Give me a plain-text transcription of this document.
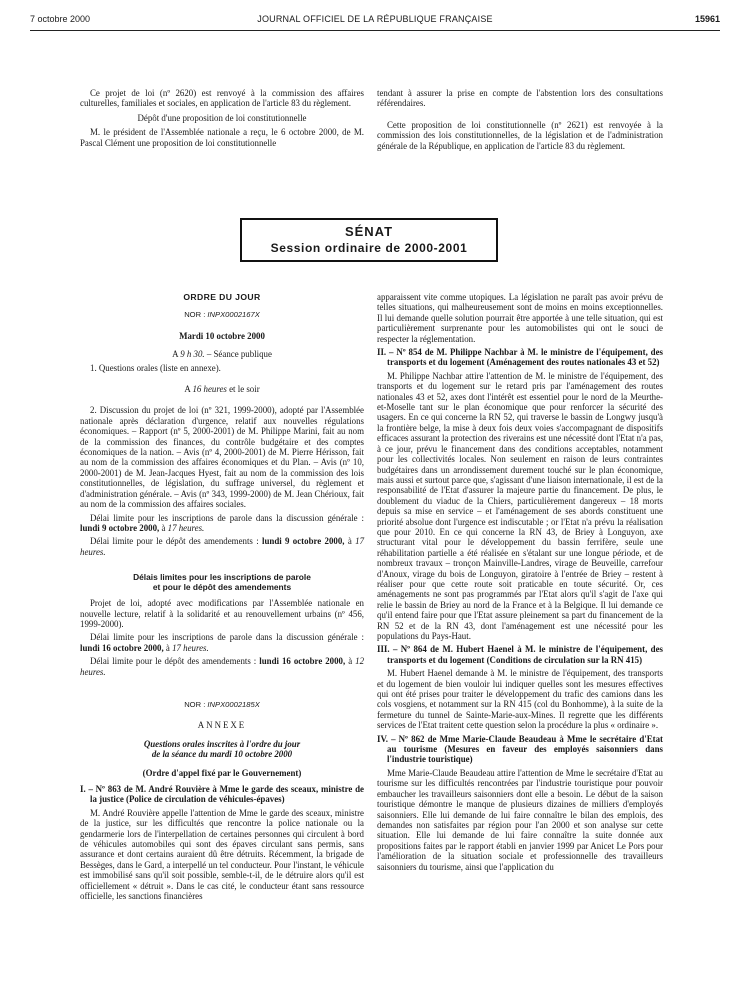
7 octobre 2000	JOURNAL OFFICIEL DE LA RÉPUBLIQUE FRANÇAISE	15961

Ce projet de loi (nº 2620) est renvoyé à la commission des affaires culturelles, familiales et sociales, en application de l'article 83 du règlement.

Dépôt d'une proposition de loi constitutionnelle

M. le président de l'Assemblée nationale a reçu, le 6 octobre 2000, de M. Pascal Clément une proposition de loi constitutionnelle

tendant à assurer la prise en compte de l'abstention lors des consultations référendaires.

Cette proposition de loi constitutionnelle (nº 2621) est renvoyée à la commission des lois constitutionnelles, de la législation et de l'administration générale de la République, en application de l'article 83 du règlement.

SÉNAT
Session ordinaire de 2000-2001

ORDRE DU JOUR

NOR : INPX0002167X

Mardi 10 octobre 2000

A 9 h 30. – Séance publique

1. Questions orales (liste en annexe).

A 16 heures et le soir

2. Discussion du projet de loi (nº 321, 1999-2000), adopté par l'Assemblée nationale après déclaration d'urgence, relatif aux nouvelles régulations économiques. – Rapport (nº 5, 2000-2001) de M. Philippe Marini, fait au nom de la commission des finances, du contrôle budgétaire et des comptes économiques de la nation. – Avis (nº 4, 2000-2001) de M. Pierre Hérisson, fait au nom de la commission des affaires économiques et du Plan. – Avis (nº 10, 2000-2001) de M. Jean-Jacques Hyest, fait au nom de la commission des lois constitutionnelles, de législation, du suffrage universel, du règlement et d'administration générale. – Avis (nº 343, 1999-2000) de M. Jean Chérioux, fait au nom de la commission des affaires sociales.

Délai limite pour les inscriptions de parole dans la discussion générale : lundi 9 octobre 2000, à 17 heures.

Délai limite pour le dépôt des amendements : lundi 9 octobre 2000, à 17 heures.

Délais limites pour les inscriptions de parole

et pour le dépôt des amendements

Projet de loi, adopté avec modifications par l'Assemblée nationale en nouvelle lecture, relatif à la solidarité et au renouvellement urbains (nº 456, 1999-2000).

Délai limite pour les inscriptions de parole dans la discussion générale : lundi 16 octobre 2000, à 17 heures.

Délai limite pour le dépôt des amendements : lundi 16 octobre 2000, à 12 heures.

NOR : INPX0002185X

ANNEXE

Questions orales inscrites à l'ordre du jour

de la séance du mardi 10 octobre 2000

(Ordre d'appel fixé par le Gouvernement)

I. – Nº 863 de M. André Rouvière à Mme le garde des sceaux, ministre de la justice (Police de circulation de véhicules-épaves)

M. André Rouvière appelle l'attention de Mme le garde des sceaux, ministre de la justice, sur les difficultés que rencontre la police nationale ou la gendarmerie lors de l'interpellation de certaines personnes qui circulent à bord de véhicules automobiles qui sont des épaves circulant sans permis, sans assurance et dont certains auraient dû être détruits. Récemment, la brigade de Bessèges, dans le Gard, a interpellé un tel conducteur. Pour l'instant, le véhicule est immobilisé sans qu'il soit possible, semble-t-il, de le détruire alors qu'il est officiellement « détruit ». Dans le cas cité, le conducteur étant sans ressource officielle, les sanctions financières

apparaissent vite comme utopiques. La législation ne paraît pas avoir prévu de telles situations, qui malheureusement sont de moins en moins exceptionnelles. Il lui demande quelle solution pourrait être apportée à une telle situation, qui est particulièrement surprenante pour les automobilistes qui ont le souci de respecter la réglementation.

II. – Nº 854 de M. Philippe Nachbar à M. le ministre de l'équipement, des transports et du logement (Aménagement des routes nationales 43 et 52)

M. Philippe Nachbar attire l'attention de M. le ministre de l'équipement, des transports et du logement sur le retard pris par l'aménagement des routes nationales 43 et 52, axes dont l'intérêt est essentiel pour le nord de la Meurthe-et-Moselle tant sur le plan économique que pour renforcer la sécurité des usagers. En ce qui concerne la RN 52, qui traverse le bassin de Longwy jusqu'à la frontière belge, la mise à deux fois deux voies s'accompagnant de dispositifs efficaces assurant la protection des riverains est une nécessité dont l'Etat n'a pas, à ce jour, prévu le financement dans des conditions acceptables, notamment pour les collectivités locales. Non seulement en raison de leurs contraintes budgétaires dans un arrondissement durement touché sur le plan économique, mais aussi et surtout parce que, s'agissant d'une liaison internationale, il est de la responsabilité de l'Etat d'assurer la majeure partie du financement. De plus, le doublement du viaduc de la Chiers, particulièrement dangereux – 18 morts depuis sa mise en service – et l'aménagement de ses abords constituent une priorité absolue dont l'urgence est indiscutable ; or l'Etat n'a prévu la réalisation que pour 2010. En ce qui concerne la RN 43, de Briey à Longuyon, axe structurant vital pour le développement du bassin ferrifère, seule une réhabilitation partielle a été réalisée en s'étalant sur une longue période, et de nombreux travaux – tronçon Mainville-Landres, virage de Beuveille, carrefour d'Anoux, virage du bois de Longuyon, giratoire à l'entrée de Briey – restent à réaliser pour que cette route soit praticable en toute sécurité. Or, ces aménagements ne sont pas programmés par l'Etat alors qu'il s'agit de l'axe qui relie le bassin de Briey au nord de la France et à la Belgique. Il lui demande ce qu'il entend faire pour que l'Etat assure pleinement sa part du financement de la RN 52 et de la RN 43, dont l'aménagement est une nécessité pour les populations du Pays-Haut.

III. – Nº 864 de M. Hubert Haenel à M. le ministre de l'équipement, des transports et du logement (Conditions de circulation sur la RN 415)

M. Hubert Haenel demande à M. le ministre de l'équipement, des transports et du logement de bien vouloir lui indiquer quelles sont les mesures effectives qui ont été prises pour traiter le développement du trafic des camions dans les cols vosgiens, et notamment sur la RN 415 (col du Bonhomme), à la suite de la fermeture du tunnel de Sainte-Marie-aux-Mines. Il regrette que les différents services de l'Etat traitent cette question selon la procédure la plus « ordinaire ».

IV. – Nº 862 de Mme Marie-Claude Beaudeau à Mme le secrétaire d'Etat au tourisme (Mesures en faveur des employés saisonniers dans l'industrie touristique)

Mme Marie-Claude Beaudeau attire l'attention de Mme le secrétaire d'Etat au tourisme sur les difficultés rencontrées par l'industrie touristique pour pouvoir embaucher les travailleurs saisonniers dont elle a besoin. Le début de la saison touristique démontre le manque de plusieurs dizaines de milliers d'employés saisonniers. Elle lui demande de lui faire connaître le bilan des emplois, des demandes non satisfaites par région pour l'an 2000 et son analyse sur cette situation. Elle lui demande de lui faire connaître la suite donnée aux propositions faites par le rapport établi en janvier 1999 par Anicet Le Pors pour l'amélioration de la situation sociale et professionnelle des travailleurs saisonniers du tourisme, ainsi que l'application du
